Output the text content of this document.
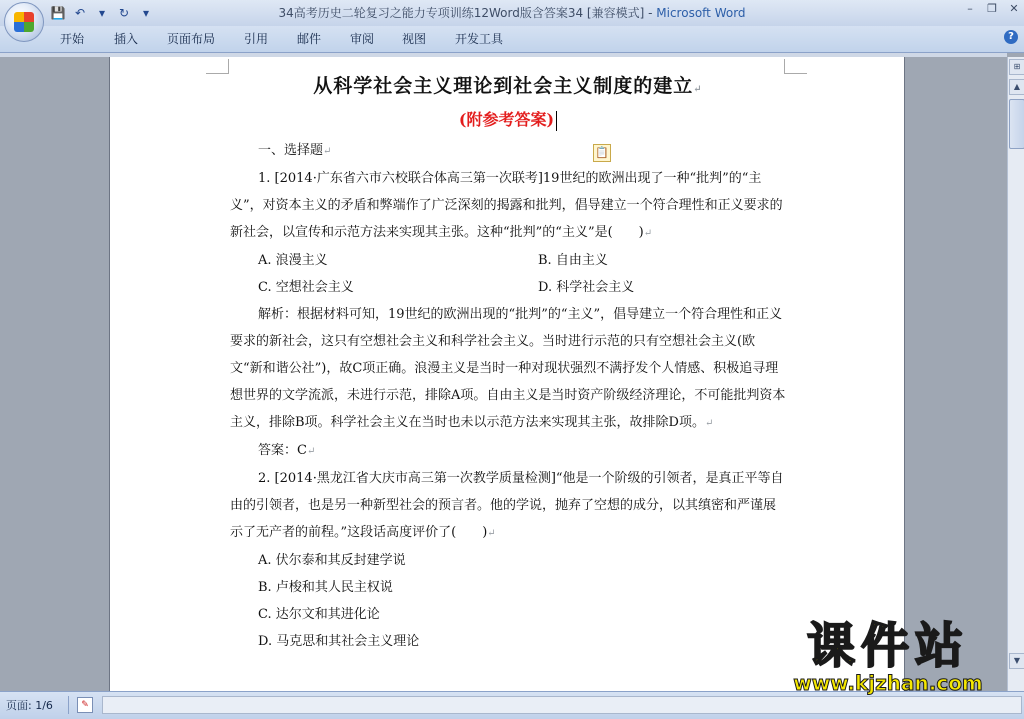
34高考历史二轮复习之能力专项训练12Word版含答案34 [兼容模式] - Microsoft Word
💾 ↶	▾	↻	▾	– ❐ ✕
开始 插入 页面布局 引用 邮件 审阅 视图 开发工具	?
📋
从科学社会主义理论到社会主义制度的建立↵
(附参考答案)
一、选择题↵
1. [2014·广东省六市六校联合体高三第一次联考]19世纪的欧洲出现了一种“批判”的“主义”，对资本主义的矛盾和弊端作了广泛深刻的揭露和批判，倡导建立一个符合理性和正义要求的新社会，以宣传和示范方法来实现其主张。这种“批判”的“主义”是(　　)↵
A. 浪漫主义	B. 自由主义
C. 空想社会主义	D. 科学社会主义
解析：根据材料可知，19世纪的欧洲出现的“批判”的“主义”，倡导建立一个符合理性和正义要求的新社会，这只有空想社会主义和科学社会主义。当时进行示范的只有空想社会主义(欧文“新和谐公社”)，故C项正确。浪漫主义是当时一种对现状强烈不满抒发个人情感、积极追寻理想世界的文学流派，未进行示范，排除A项。自由主义是当时资产阶级经济理论，不可能批判资本主义，排除B项。科学社会主义在当时也未以示范方法来实现其主张，故排除D项。↵
答案：C↵
2. [2014·黑龙江省大庆市高三第一次教学质量检测]“他是一个阶级的引领者，是真正平等自由的引领者，也是另一种新型社会的预言者。他的学说，抛弃了空想的成分，以其缜密和严谨展示了无产者的前程。”这段话高度评价了(　　)↵
A. 伏尔泰和其反封建学说
B. 卢梭和其人民主权说
C. 达尔文和其进化论
D. 马克思和其社会主义理论
⊞
▲
▼
课件站
www.kjzhan.com
页面: 1/6	✎
